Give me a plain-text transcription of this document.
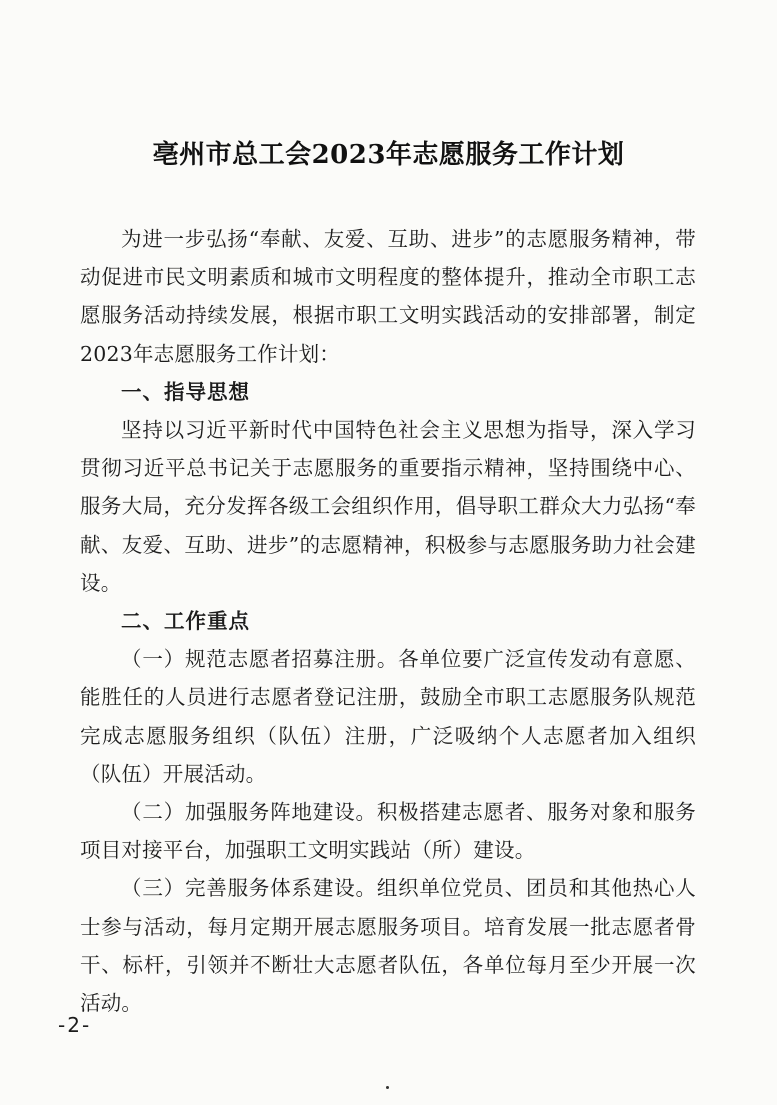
亳州市总工会2023年志愿服务工作计划

为进一步弘扬“奉献、友爱、互助、进步”的志愿服务精神，带动促进市民文明素质和城市文明程度的整体提升，推动全市职工志愿服务活动持续发展，根据市职工文明实践活动的安排部署，制定2023年志愿服务工作计划：

一、指导思想

坚持以习近平新时代中国特色社会主义思想为指导，深入学习贯彻习近平总书记关于志愿服务的重要指示精神，坚持围绕中心、服务大局，充分发挥各级工会组织作用，倡导职工群众大力弘扬“奉献、友爱、互助、进步”的志愿精神，积极参与志愿服务助力社会建设。

二、工作重点

（一）规范志愿者招募注册。各单位要广泛宣传发动有意愿、能胜任的人员进行志愿者登记注册，鼓励全市职工志愿服务队规范完成志愿服务组织（队伍）注册，广泛吸纳个人志愿者加入组织（队伍）开展活动。

（二）加强服务阵地建设。积极搭建志愿者、服务对象和服务项目对接平台，加强职工文明实践站（所）建设。

（三）完善服务体系建设。组织单位党员、团员和其他热心人士参与活动，每月定期开展志愿服务项目。培育发展一批志愿者骨干、标杆，引领并不断壮大志愿者队伍，各单位每月至少开展一次活动。

-2-
